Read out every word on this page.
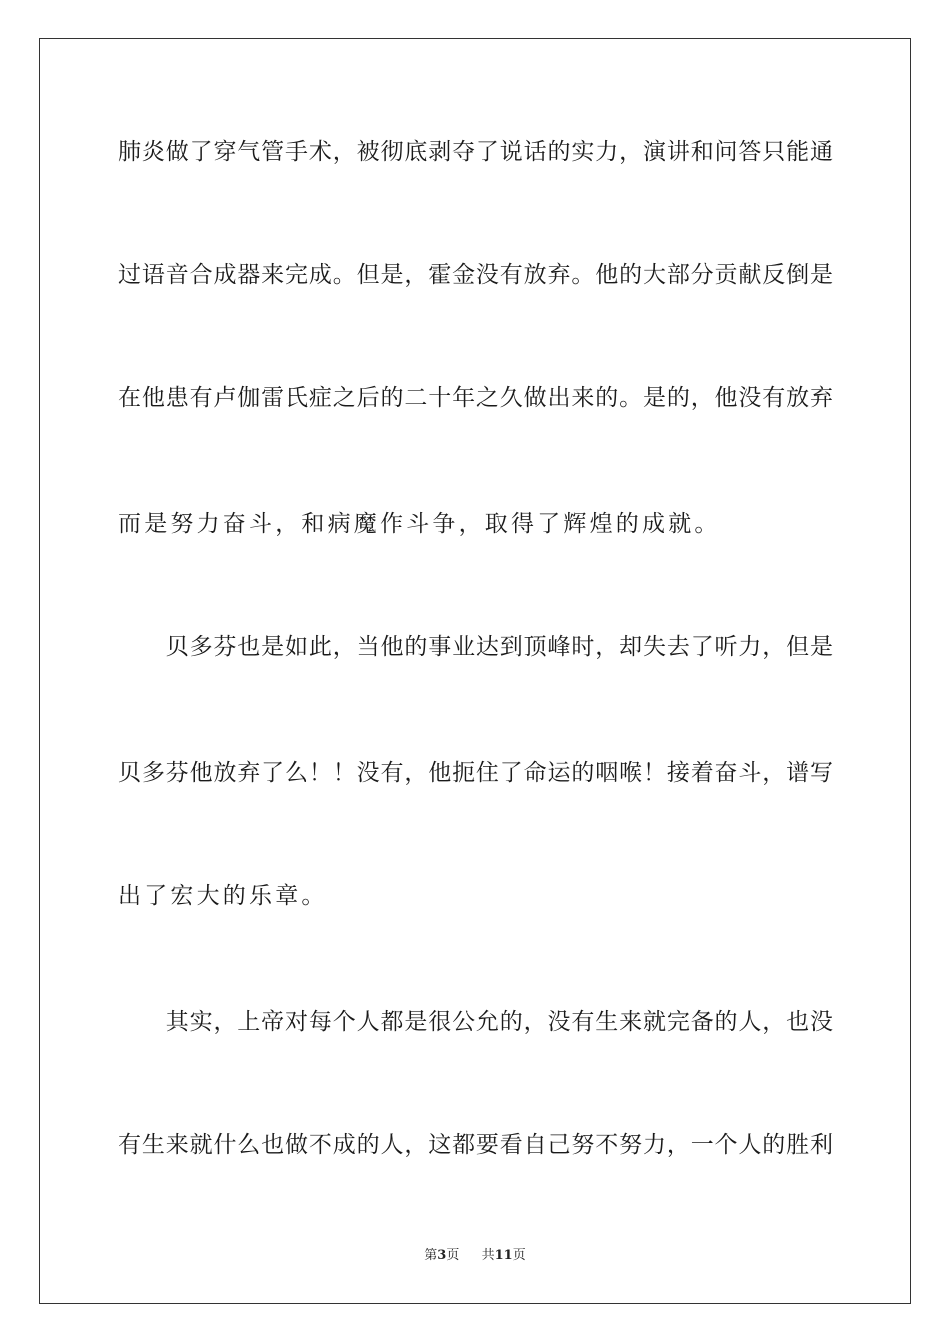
肺炎做了穿气管手术，被彻底剥夺了说话的实力，演讲和问答只能通
过语音合成器来完成。但是，霍金没有放弃。他的大部分贡献反倒是
在他患有卢伽雷氏症之后的二十年之久做出来的。是的，他没有放弃
而是努力奋斗，和病魔作斗争，取得了辉煌的成就。
　　贝多芬也是如此，当他的事业达到顶峰时，却失去了听力，但是
贝多芬他放弃了么！！没有，他扼住了命运的咽喉！接着奋斗，谱写
出了宏大的乐章。
　　其实，上帝对每个人都是很公允的，没有生来就完备的人，也没
有生来就什么也做不成的人，这都要看自己努不努力，一个人的胜利
第3页 共11页
